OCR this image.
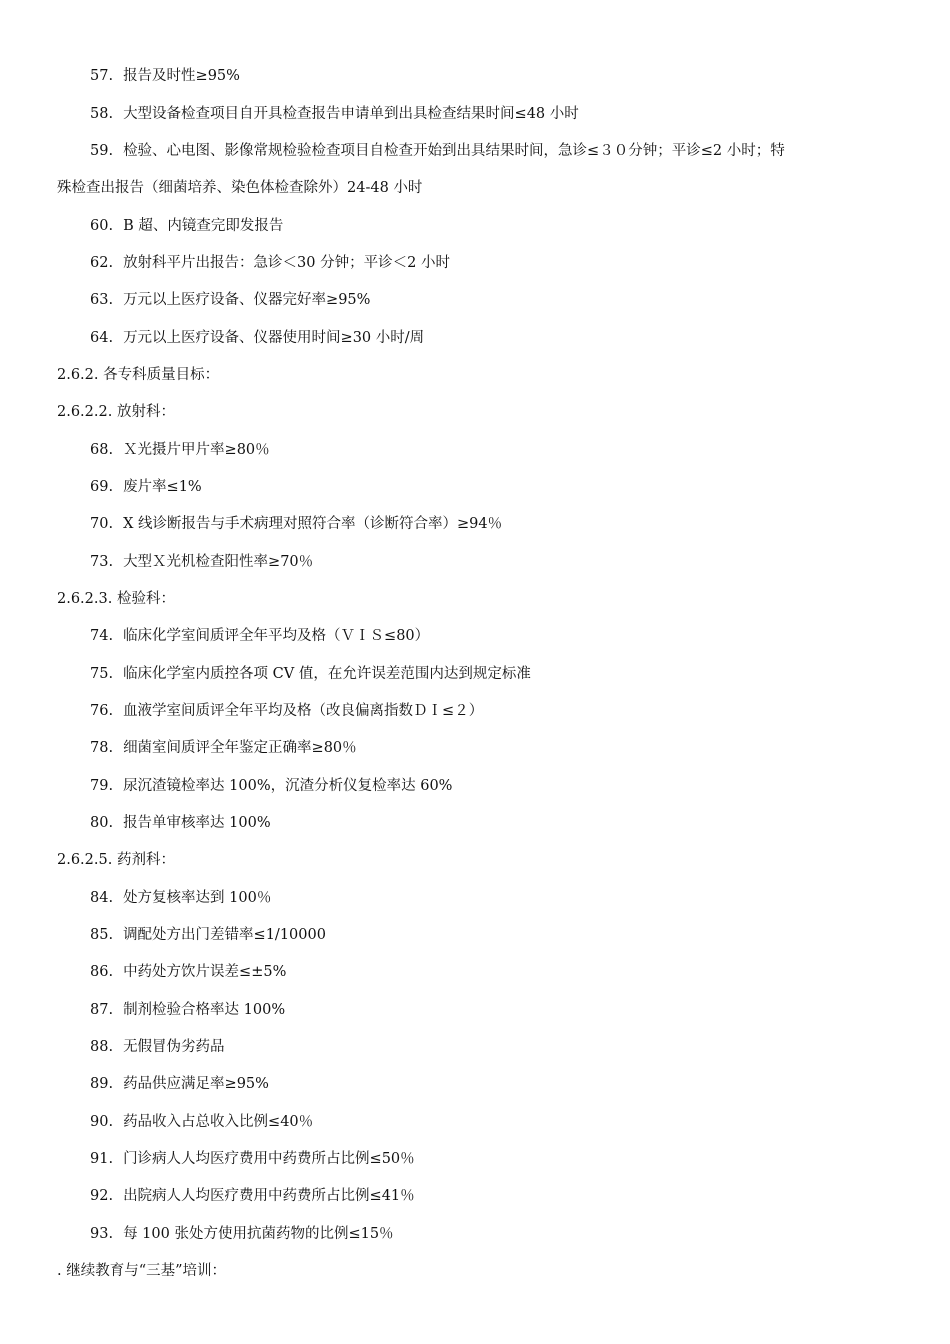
57. 报告及时性≥95%
58. 大型设备检查项目自开具检查报告申请单到出具检查结果时间≤48 小时
59. 检验、心电图、影像常规检验检查项目自检查开始到出具结果时间，急诊≤３０分钟；平诊≤2 小时；特
殊检查出报告（细菌培养、染色体检查除外）24-48 小时
60. B 超、内镜查完即发报告
62. 放射科平片出报告：急诊＜30 分钟；平诊＜2 小时
63. 万元以上医疗设备、仪器完好率≥95%
64. 万元以上医疗设备、仪器使用时间≥30 小时/周
2.6.2. 各专科质量目标：
2.6.2.2. 放射科：
68. Ｘ光摄片甲片率≥80％
69. 废片率≤1%
70. X 线诊断报告与手术病理对照符合率（诊断符合率）≥94％
73. 大型Ｘ光机检查阳性率≥70％
2.6.2.3. 检验科：
74. 临床化学室间质评全年平均及格（ＶＩＳ≤80）
75. 临床化学室内质控各项 CV 值，在允许误差范围内达到规定标准
76. 血液学室间质评全年平均及格（改良偏离指数ＤＩ≤２）
78. 细菌室间质评全年鉴定正确率≥80％
79. 尿沉渣镜检率达 100%，沉渣分析仪复检率达 60%
80. 报告单审核率达 100%
2.6.2.5. 药剂科：
84. 处方复核率达到 100％
85. 调配处方出门差错率≤1/10000
86. 中药处方饮片误差≤±5%
87. 制剂检验合格率达 100%
88. 无假冒伪劣药品
89. 药品供应满足率≥95%
90. 药品收入占总收入比例≤40％
91. 门诊病人人均医疗费用中药费所占比例≤50％
92. 出院病人人均医疗费用中药费所占比例≤41％
93. 每 100 张处方使用抗菌药物的比例≤15％
. 继续教育与“三基”培训：
